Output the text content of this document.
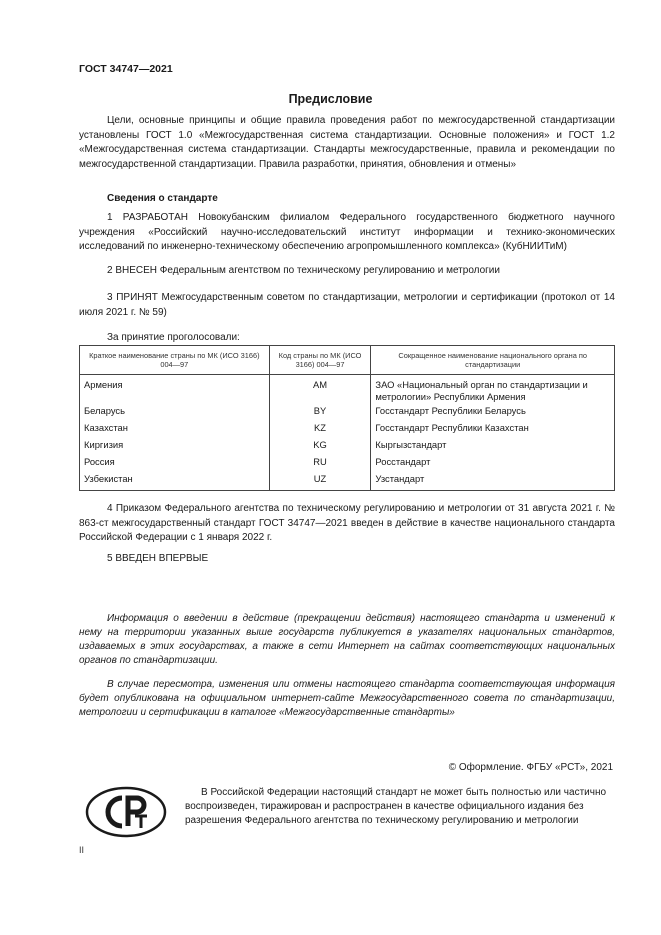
ГОСТ 34747—2021
Предисловие

Цели, основные принципы и общие правила проведения работ по межгосударственной стандартизации установлены ГОСТ 1.0 «Межгосударственная система стандартизации. Основные положения» и ГОСТ 1.2 «Межгосударственная система стандартизации. Стандарты межгосударственные, правила и рекомендации по межгосударственной стандартизации. Правила разработки, принятия, обновления и отмены»

Сведения о стандарте

1 РАЗРАБОТАН Новокубанским филиалом Федерального государственного бюджетного научного учреждения «Российский научно-исследовательский институт информации и технико-экономических исследований по инженерно-техническому обеспечению агропромышленного комплекса» (КубНИИТиМ)

2 ВНЕСЕН Федеральным агентством по техническому регулированию и метрологии

3 ПРИНЯТ Межгосударственным советом по стандартизации, метрологии и сертификации (протокол от 14 июля 2021 г. № 59)

За принятие проголосовали:

Краткое наименование страны по МК (ИСО 3166) 004—97	Код страны по МК (ИСО 3166) 004—97	Сокращенное наименование национального органа по стандартизации
Армения	AM	ЗАО «Национальный орган по стандартизации и метрологии» Республики Армения
Беларусь	BY	Госстандарт Республики Беларусь
Казахстан	KZ	Госстандарт Республики Казахстан
Киргизия	KG	Кыргызстандарт
Россия	RU	Росстандарт
Узбекистан	UZ	Узстандарт

4 Приказом Федерального агентства по техническому регулированию и метрологии от 31 августа 2021 г. № 863-ст межгосударственный стандарт ГОСТ 34747—2021 введен в действие в качестве национального стандарта Российской Федерации с 1 января 2022 г.

5 ВВЕДЕН ВПЕРВЫЕ

Информация о введении в действие (прекращении действия) настоящего стандарта и изменений к нему на территории указанных выше государств публикуется в указателях национальных стандартов, издаваемых в этих государствах, а также в сети Интернет на сайтах соответствующих национальных органов по стандартизации.

В случае пересмотра, изменения или отмены настоящего стандарта соответствующая информация будет опубликована на официальном интернет-сайте Межгосударственного совета по стандартизации, метрологии и сертификации в каталоге «Межгосударственные стандарты»

© Оформление. ФГБУ «РСТ», 2021

В Российской Федерации настоящий стандарт не может быть полностью или частично воспроизведен, тиражирован и распространен в качестве официального издания без разрешения Федерального агентства по техническому регулированию и метрологии

II
